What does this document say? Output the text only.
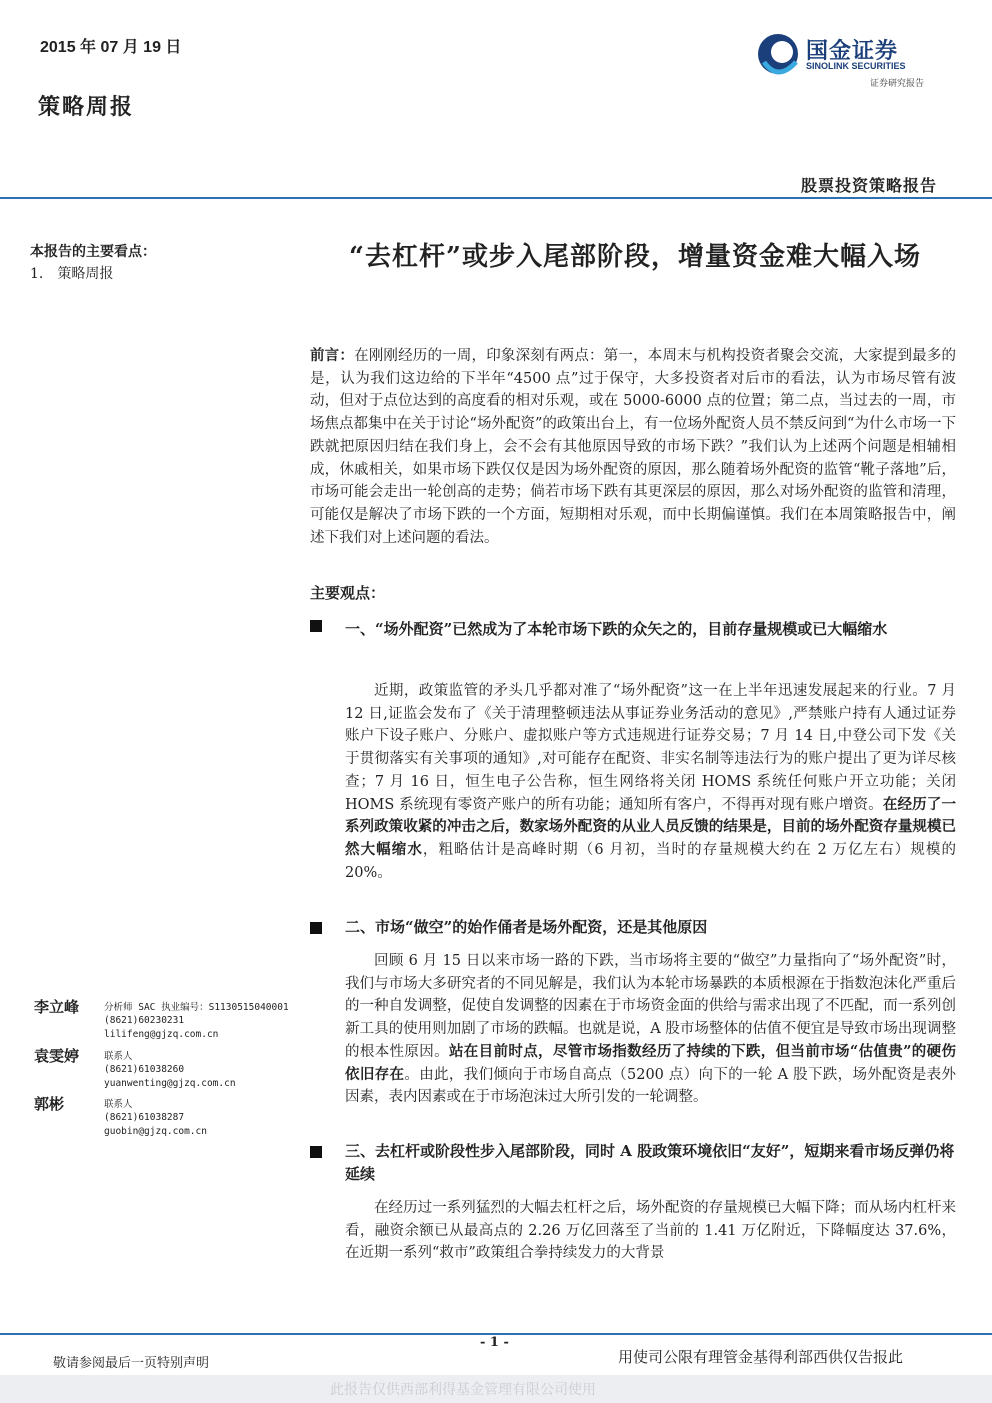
2015 年 07 月 19 日
策略周报
国金证券
SINOLINK SECURITIES
证券研究报告
股票投资策略报告
本报告的主要看点：
1.　策略周报
“去杠杆”或步入尾部阶段，增量资金难大幅入场
前言：在刚刚经历的一周，印象深刻有两点：第一，本周末与机构投资者聚会交流，大家提到最多的是，认为我们这边给的下半年“4500 点”过于保守，大多投资者对后市的看法，认为市场尽管有波动，但对于点位达到的高度看的相对乐观，或在 5000-6000 点的位置；第二点，当过去的一周，市场焦点都集中在关于讨论“场外配资”的政策出台上，有一位场外配资人员不禁反问到“为什么市场一下跌就把原因归结在我们身上，会不会有其他原因导致的市场下跌？”我们认为上述两个问题是相辅相成，休戚相关，如果市场下跌仅仅是因为场外配资的原因，那么随着场外配资的监管“靴子落地”后，市场可能会走出一轮创高的走势；倘若市场下跌有其更深层的原因，那么对场外配资的监管和清理，可能仅是解决了市场下跌的一个方面，短期相对乐观，而中长期偏谨慎。我们在本周策略报告中，阐述下我们对上述问题的看法。
主要观点：
一、“场外配资”已然成为了本轮市场下跌的众矢之的，目前存量规模或已大幅缩水
近期，政策监管的矛头几乎都对准了“场外配资”这一在上半年迅速发展起来的行业。7 月 12 日,证监会发布了《关于清理整顿违法从事证券业务活动的意见》,严禁账户持有人通过证券账户下设子账户、分账户、虚拟账户等方式违规进行证券交易；7 月 14 日,中登公司下发《关于贯彻落实有关事项的通知》,对可能存在配资、非实名制等违法行为的账户提出了更为详尽核查；7 月 16 日，恒生电子公告称，恒生网络将关闭 HOMS 系统任何账户开立功能；关闭 HOMS 系统现有零资产账户的所有功能；通知所有客户，不得再对现有账户增资。在经历了一系列政策收紧的冲击之后，数家场外配资的从业人员反馈的结果是，目前的场外配资存量规模已然大幅缩水，粗略估计是高峰时期（6 月初，当时的存量规模大约在 2 万亿左右）规模的 20%。
二、市场“做空”的始作俑者是场外配资，还是其他原因
回顾 6 月 15 日以来市场一路的下跌，当市场将主要的“做空”力量指向了“场外配资”时，我们与市场大多研究者的不同见解是，我们认为本轮市场暴跌的本质根源在于指数泡沫化严重后的一种自发调整，促使自发调整的因素在于市场资金面的供给与需求出现了不匹配，而一系列创新工具的使用则加剧了市场的跌幅。也就是说，A 股市场整体的估值不便宜是导致市场出现调整的根本性原因。站在目前时点，尽管市场指数经历了持续的下跌，但当前市场“估值贵”的硬伤依旧存在。由此，我们倾向于市场自高点（5200 点）向下的一轮 A 股下跌，场外配资是表外因素，表内因素或在于市场泡沫过大所引发的一轮调整。
三、去杠杆或阶段性步入尾部阶段，同时 A 股政策环境依旧“友好”，短期来看市场反弹仍将延续
在经历过一系列猛烈的大幅去杠杆之后，场外配资的存量规模已大幅下降；而从场内杠杆来看，融资余额已从最高点的 2.26 万亿回落至了当前的 1.41 万亿附近，下降幅度达 37.6%，在近期一系列“救市”政策组合拳持续发力的大背景
李立峰	分析师 SAC 执业编号：S1130515040001
(8621)60230231
lilifeng@gjzq.com.cn
袁雯婷	联系人
(8621)61038260
yuanwenting@gjzq.com.cn
郭彬	联系人
(8621)61038287
guobin@gjzq.com.cn
- 1 -
敬请参阅最后一页特别声明	用使司公限有理管金基得利部西供仅告报此
此报告仅供西部利得基金管理有限公司使用
